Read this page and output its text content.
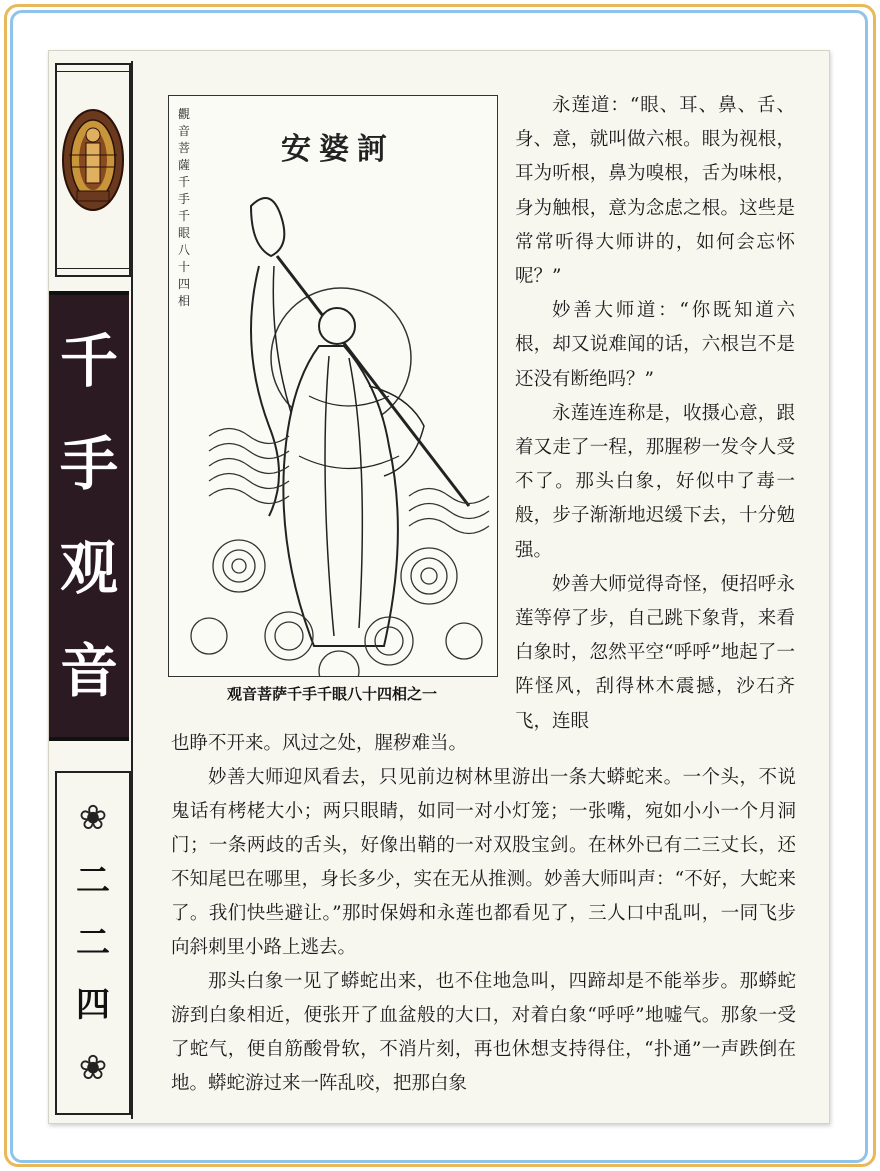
千
手
观
音
❀
二
二
四
❀
觀音菩薩千手千眼八十四相
安婆訶
观音菩萨千手千眼八十四相之一

永莲道：“眼、耳、鼻、舌、身、意，就叫做六根。眼为视根，耳为听根，鼻为嗅根，舌为味根，身为触根，意为念虑之根。这些是常常听得大师讲的，如何会忘怀呢？”

妙善大师道：“你既知道六根，却又说难闻的话，六根岂不是还没有断绝吗？”

永莲连连称是，收摄心意，跟着又走了一程，那腥秽一发令人受不了。那头白象，好似中了毒一般，步子渐渐地迟缓下去，十分勉强。

妙善大师觉得奇怪，便招呼永莲等停了步，自己跳下象背，来看白象时，忽然平空“呼呼”地起了一阵怪风，刮得林木震撼，沙石齐飞，连眼

也睁不开来。风过之处，腥秽难当。

妙善大师迎风看去，只见前边树林里游出一条大蟒蛇来。一个头，不说鬼话有栲栳大小；两只眼睛，如同一对小灯笼；一张嘴，宛如小小一个月洞门；一条两歧的舌头，好像出鞘的一对双股宝剑。在林外已有二三丈长，还不知尾巴在哪里，身长多少，实在无从推测。妙善大师叫声：“不好，大蛇来了。我们快些避让。”那时保姆和永莲也都看见了，三人口中乱叫，一同飞步向斜刺里小路上逃去。

那头白象一见了蟒蛇出来，也不住地急叫，四蹄却是不能举步。那蟒蛇游到白象相近，便张开了血盆般的大口，对着白象“呼呼”地嘘气。那象一受了蛇气，便自筋酸骨软，不消片刻，再也休想支持得住，“扑通”一声跌倒在地。蟒蛇游过来一阵乱咬，把那白象
